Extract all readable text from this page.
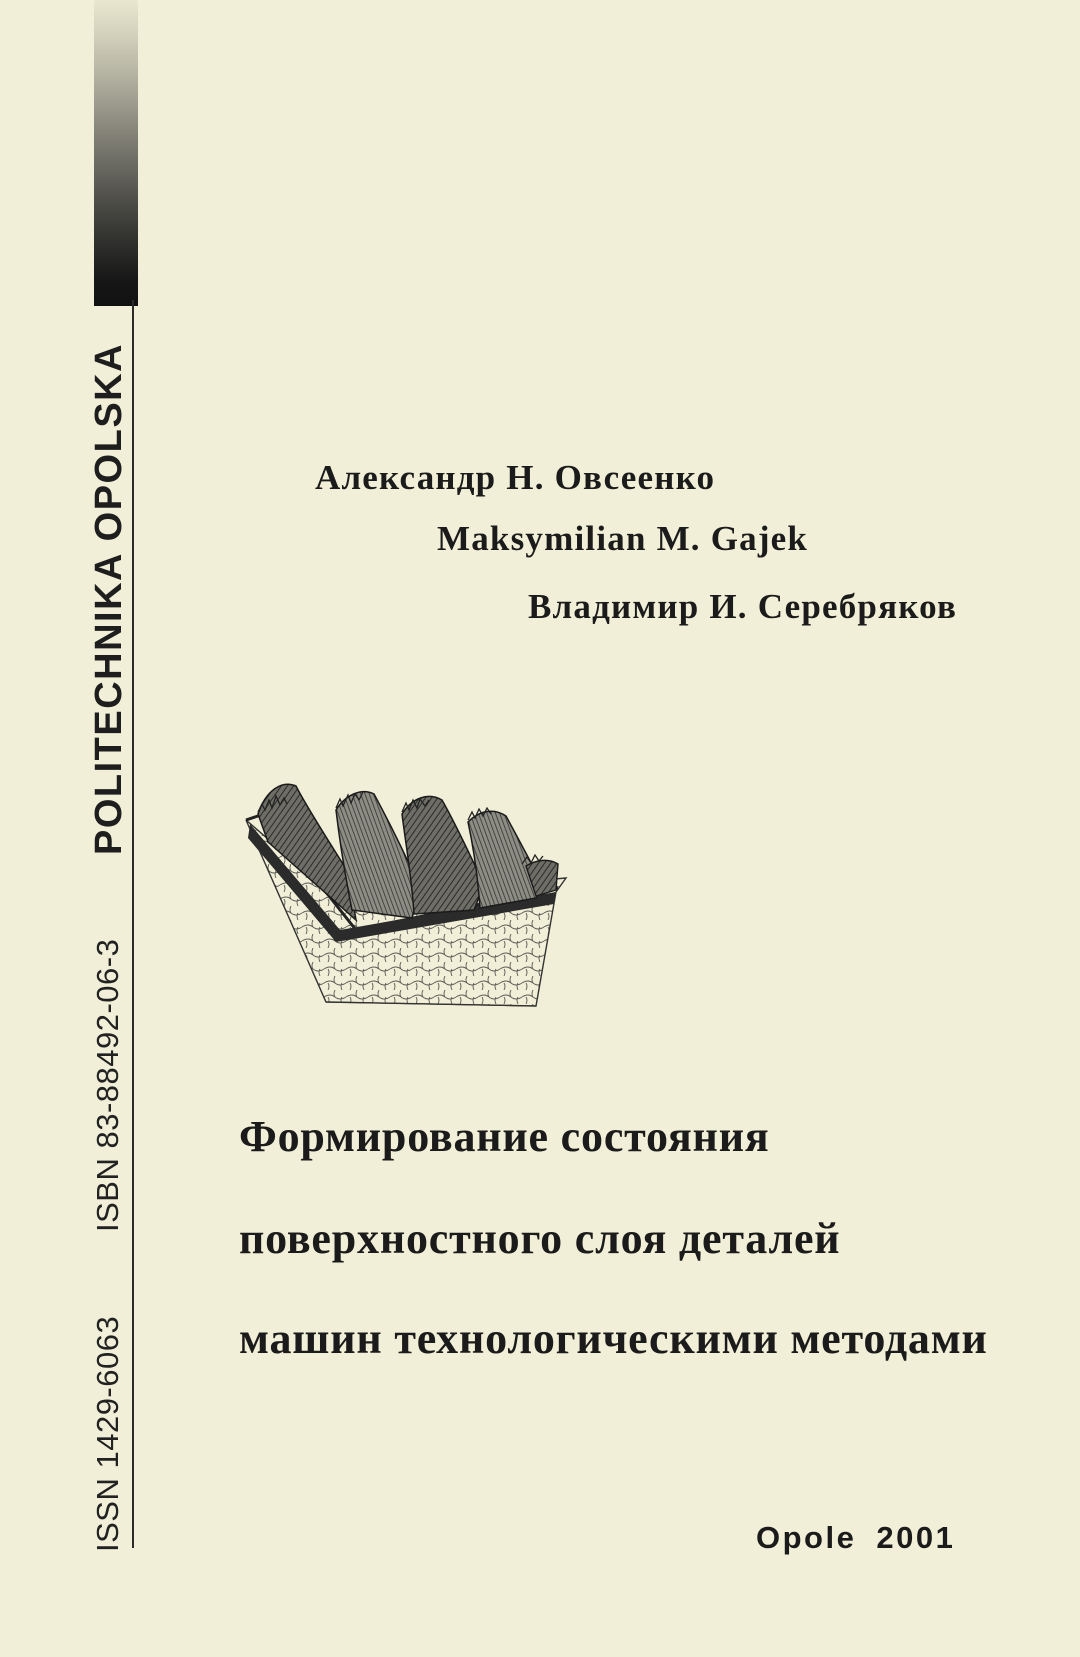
POLITECHNIKA OPOLSKA
ISBN 83-88492-06-3
ISSN 1429-6063
Александр Н. Овсеенко
Maksymilian M. Gajek
Владимир И. Серебряков
Формирование состояния
поверхностного слоя деталей
машин технологическими методами
Opole 2001
